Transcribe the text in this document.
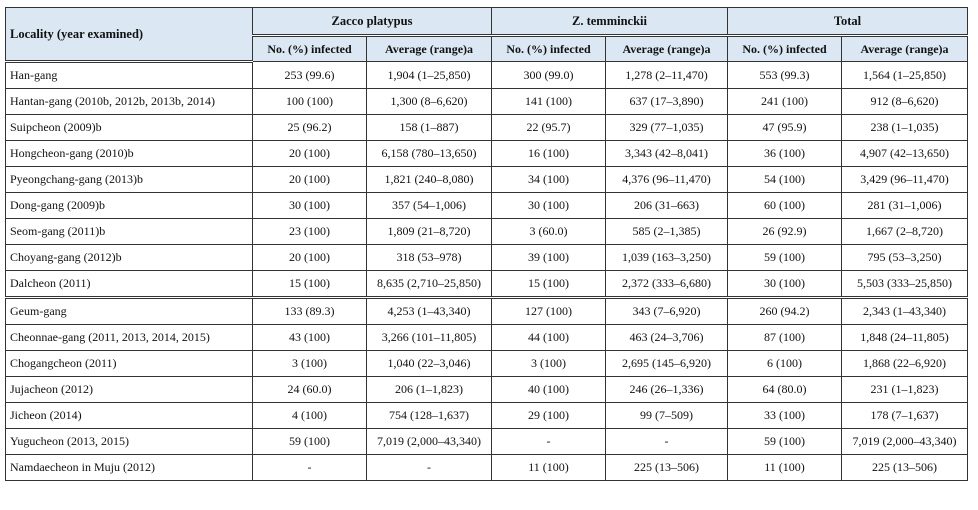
Locality (year examined)	Zacco platypus		Z. temminckii		Total	
	No. (%) infected	Average (range)a	No. (%) infected	Average (range)a	No. (%) infected	Average (range)a
Han-gang	253 (99.6)	1,904 (1–25,850)	300 (99.0)	1,278 (2–11,470)	553 (99.3)	1,564 (1–25,850)
Hantan-gang (2010b, 2012b, 2013b, 2014)	100 (100)	1,300 (8–6,620)	141 (100)	637 (17–3,890)	241 (100)	912 (8–6,620)
Suipcheon (2009)b	25 (96.2)	158 (1–887)	22 (95.7)	329 (77–1,035)	47 (95.9)	238 (1–1,035)
Hongcheon-gang (2010)b	20 (100)	6,158 (780–13,650)	16 (100)	3,343 (42–8,041)	36 (100)	4,907 (42–13,650)
Pyeongchang-gang (2013)b	20 (100)	1,821 (240–8,080)	34 (100)	4,376 (96–11,470)	54 (100)	3,429 (96–11,470)
Dong-gang (2009)b	30 (100)	357 (54–1,006)	30 (100)	206 (31–663)	60 (100)	281 (31–1,006)
Seom-gang (2011)b	23 (100)	1,809 (21–8,720)	3 (60.0)	585 (2–1,385)	26 (92.9)	1,667 (2–8,720)
Choyang-gang (2012)b	20 (100)	318 (53–978)	39 (100)	1,039 (163–3,250)	59 (100)	795 (53–3,250)
Dalcheon (2011)	15 (100)	8,635 (2,710–25,850)	15 (100)	2,372 (333–6,680)	30 (100)	5,503 (333–25,850)
Geum-gang	133 (89.3)	4,253 (1–43,340)	127 (100)	343 (7–6,920)	260 (94.2)	2,343 (1–43,340)
Cheonnae-gang (2011, 2013, 2014, 2015)	43 (100)	3,266 (101–11,805)	44 (100)	463 (24–3,706)	87 (100)	1,848 (24–11,805)
Chogangcheon (2011)	3 (100)	1,040 (22–3,046)	3 (100)	2,695 (145–6,920)	6 (100)	1,868 (22–6,920)
Jujacheon (2012)	24 (60.0)	206 (1–1,823)	40 (100)	246 (26–1,336)	64 (80.0)	231 (1–1,823)
Jicheon (2014)	4 (100)	754 (128–1,637)	29 (100)	99 (7–509)	33 (100)	178 (7–1,637)
Yugucheon (2013, 2015)	59 (100)	7,019 (2,000–43,340)	-	-	59 (100)	7,019 (2,000–43,340)
Namdaecheon in Muju (2012)	-	-	11 (100)	225 (13–506)	11 (100)	225 (13–506)
